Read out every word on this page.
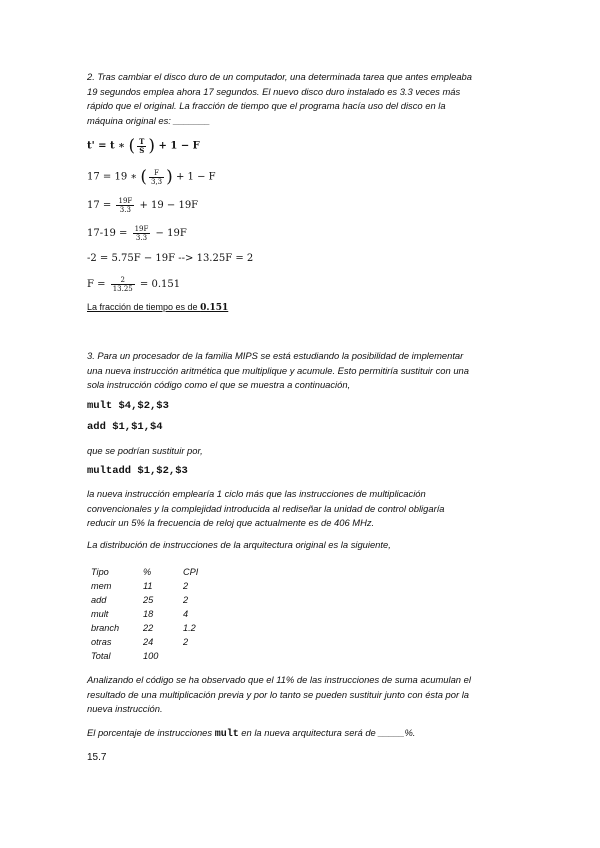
2. Tras cambiar el disco duro de un computador, una determinada tarea que antes empleaba
19 segundos emplea ahora 17 segundos. El nuevo disco duro instalado es 3.3 veces más
rápido que el original. La fracción de tiempo que el programa hacía uso del disco en la
máquina original es: _______
t' = t ∗ ( $\frac{T}{S}$ ) + 1 − F
17 = 19 ∗ ( $\frac{F}{3,3}$ ) + 1 − F
$17 = \frac{19F}{3.3} + 19 - 19F$
$17-19 = \frac{19F}{3.3} - 19F$
-2 = 5.75F − 19F --> 13.25F = 2
$F = \frac{2}{13.25} = 0.151$
La fracción de tiempo es de 0.151
3. Para un procesador de la familia MIPS se está estudiando la posibilidad de implementar
una nueva instrucción aritmética que multiplique y acumule. Esto permitiría sustituir con una
sola instrucción código como el que se muestra a continuación,
mult $4,$2,$3
add $1,$1,$4
que se podrían sustituir por,
multadd $1,$2,$3
la nueva instrucción emplearía 1 ciclo más que las instrucciones de multiplicación
convencionales y la complejidad introducida al rediseñar la unidad de control obligaría
reducir un 5% la frecuencia de reloj que actualmente es de 406 MHz.
La distribución de instrucciones de la arquitectura original es la siguiente,
Tipo	%	CPI
mem	11	2
add	25	2
mult	18	4
branch	22	1.2
otras	24	2
Total	100	
Analizando el código se ha observado que el 11% de las instrucciones de suma acumulan el
resultado de una multiplicación previa y por lo tanto se pueden sustituir junto con ésta por la
nueva instrucción.
El porcentaje de instrucciones mult en la nueva arquitectura será de _____%.
15.7
